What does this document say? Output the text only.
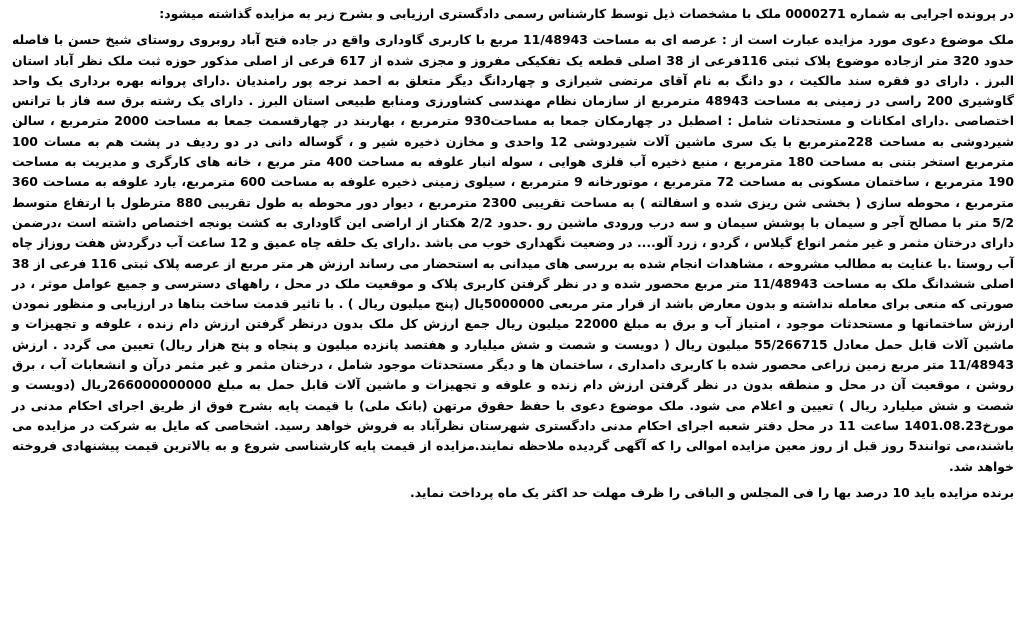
در پرونده اجرایی به شماره 0000271 ملک با مشخصات ذیل توسط کارشناس رسمی دادگستری ارزیابی و بشرح زیر به مزایده گذاشته میشود:

ملک موضوع دعوی مورد مزایده عبارت است از : عرصه ای به مساحت 11/48943 مربع با کاربری گاوداری واقع در جاده فتح آباد روبروی روستای شیخ حسن با فاصله حدود 320 متر ازجاده موضوع پلاک ثبتی 116فرعی از 38 اصلی قطعه یک تفکیکی مفروز و مجزی شده از 617 فرعی از اصلی مذکور حوزه ثبت ملک نظر آباد استان البرز . دارای دو فقره سند مالکیت ، دو دانگ به نام آقای مرتضی شیرازی و چهاردانگ دیگر متعلق به احمد نرجه پور رامندیان .دارای پروانه بهره برداری یک واحد گاوشیری 200 راسی در زمینی به مساحت 48943 مترمربع از سازمان نظام مهندسی کشاورزی ومنابع طبیعی استان البرز . دارای یک رشته برق سه فاز با ترانس اختصاصی .دارای امکانات و مستحدثات شامل : اصطبل در چهارمکان جمعا به مساحت930 مترمربع ، بهاربند در چهارقسمت جمعا به مساحت 2000 مترمربع ، سالن شیردوشی به مساحت 228مترمربع با یک سری ماشین آلات شیردوشی 12 واحدی و مخازن ذخیره شیر و ، گوساله دانی در دو ردیف در پشت هم به مسات 100 مترمربع استخر بتنی به مساحت 180 مترمربع ، منبع ذخیره آب فلزی هوایی ، سوله انبار علوفه به مساحت 400 متر مربع ، خانه های کارگری و مدیریت به مساحت 190 مترمربع ، ساختمان مسکونی به مساحت 72 مترمربع ، موتورخانه 9 مترمربع ، سیلوی زمینی ذخیره علوفه به مساحت 600 مترمربع، یارد علوفه به مساحت 360 مترمربع ، محوطه سازی ( بخشی شن ریزی شده و اسفالته ) به مساحت تقریبی 2300 مترمربع ، دیوار دور محوطه به طول تقریبی 880 مترطول با ارتفاع متوسط 5/2 متر با مصالح آجر و سیمان با پوشش سیمان و سه درب ورودی ماشین رو .حدود 2/2 هکتار از اراضی این گاوداری به کشت یونجه اختصاص داشته است ،درضمن دارای درختان مثمر و غیر مثمر انواع گیلاس ، گردو ، زرد آلو.... در وضعیت نگهداری خوب می باشد .دارای یک حلقه چاه عمیق و 12 ساعت آب درگردش هفت روزاز چاه آب روستا .با عنایت به مطالب مشروحه ، مشاهدات انجام شده به بررسی های میدانی به استحضار می رساند ارزش هر متر مربع از عرصه پلاک ثبتی 116 فرعی از 38 اصلی ششدانگ ملک به مساحت 11/48943 متر مربع محصور شده و در نظر گرفتن کاربری پلاک و موقعیت ملک در محل ، راههای دسترسی و جمیع عوامل موثر ، در صورتی که منعی برای معامله نداشته و بدون معارض باشد از قرار متر مربعی 5000000یال (پنج میلیون ریال ) . با تاثیر قدمت ساخت بناها در ارزیابی و منظور نمودن ارزش ساختمانها و مستحدثات موجود ، امتیاز آب و برق به مبلغ 22000 میلیون ریال جمع ارزش کل ملک بدون درنظر گرفتن ارزش دام زنده ، علوفه و تجهیزات و ماشین آلات قابل حمل معادل 55/266715 میلیون ریال ( دویست و شصت و شش میلیارد و هفتصد پانزده میلیون و پنجاه و پنج هزار ریال) تعیین می گردد . ارزش 11/48943 متر مربع زمین زراعی محصور شده با کاربری دامداری ، ساختمان ها و دیگر مستحدثات موجود شامل ، درختان مثمر و غیر مثمر درآن و انشعابات آب ، برق روشن ، موقعیت آن در محل و منطقه بدون در نظر گرفتن ارزش دام زنده و علوفه و تجهیزات و ماشین آلات قابل حمل به مبلغ 266000000000ریال (دویست و شصت و شش میلیارد ریال ) تعیین و اعلام می شود. ملک موضوع دعوی با حفظ حقوق مرتهن (بانک ملی) با قیمت پایه بشرح فوق از طریق اجرای احکام مدنی در مورخ1401.08.23 ساعت 11 در محل دفتر شعبه اجرای احکام مدنی دادگستری شهرستان نظرآباد به فروش خواهد رسید. اشخاصی که مایل به شرکت در مزایده می باشند،می توانند5 روز قبل از روز معین مزایده اموالی را که آگهی گردیده ملاحظه نمایند.مزایده از قیمت پایه کارشناسی شروع و به بالاترین قیمت پیشنهادی فروخته خواهد شد.

برنده مزایده باید 10 درصد بها را فی المجلس و الباقی را ظرف مهلت حد اکثر یک ماه پرداخت نماید.
